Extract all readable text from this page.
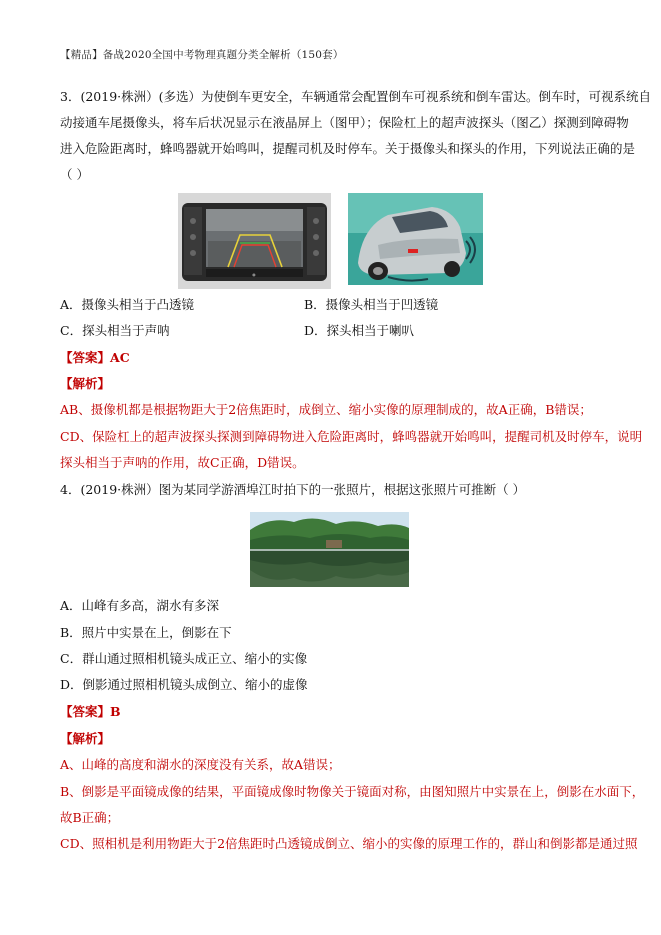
【精品】备战2020全国中考物理真题分类全解析（150套）
3．(2019·株洲）(多选）为使倒车更安全，车辆通常会配置倒车可视系统和倒车雷达。倒车时，可视系统自
动接通车尾摄像头，将车后状况显示在液晶屏上（图甲）；保险杠上的超声波探头（图乙）探测到障碍物
进入危险距离时，蜂鸣器就开始鸣叫，提醒司机及时停车。关于摄像头和探头的作用，下列说法正确的是
（ ）
●
A．摄像头相当于凸透镜	B．摄像头相当于凹透镜
C．探头相当于声呐	D．探头相当于喇叭
【答案】AC
【解析】
AB、摄像机都是根据物距大于2倍焦距时，成倒立、缩小实像的原理制成的，故A正确，B错误；
CD、保险杠上的超声波探头探测到障碍物进入危险距离时，蜂鸣器就开始鸣叫，提醒司机及时停车，说明
探头相当于声呐的作用，故C正确，D错误。
4．(2019·株洲）图为某同学游酒埠江时拍下的一张照片，根据这张照片可推断（ ）
A．山峰有多高，湖水有多深
B．照片中实景在上，倒影在下
C．群山通过照相机镜头成正立、缩小的实像
D．倒影通过照相机镜头成倒立、缩小的虚像
【答案】B
【解析】
A、山峰的高度和湖水的深度没有关系，故A错误；
B、倒影是平面镜成像的结果，平面镜成像时物像关于镜面对称，由图知照片中实景在上，倒影在水面下，
故B正确；
CD、照相机是利用物距大于2倍焦距时凸透镜成倒立、缩小的实像的原理工作的，群山和倒影都是通过照
